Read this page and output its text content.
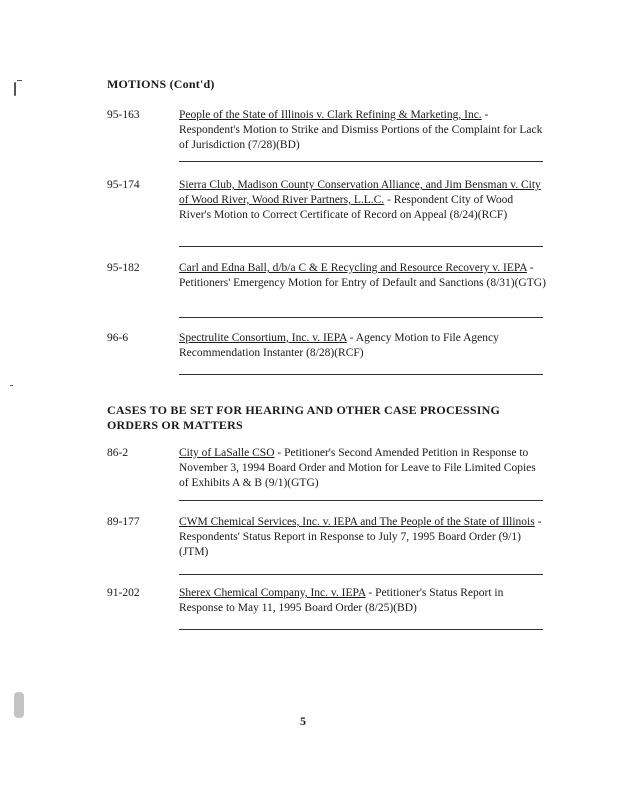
MOTIONS (Cont'd)
95-163	People of the State of Illinois v. Clark Refining & Marketing, Inc. - Respondent's Motion to Strike and Dismiss Portions of the Complaint for Lack of Jurisdiction (7/28)(BD)
95-174	Sierra Club, Madison County Conservation Alliance, and Jim Bensman v. City of Wood River, Wood River Partners, L.L.C. - Respondent City of Wood River's Motion to Correct Certificate of Record on Appeal (8/24)(RCF)
95-182	Carl and Edna Ball, d/b/a C & E Recycling and Resource Recovery v. IEPA - Petitioners' Emergency Motion for Entry of Default and Sanctions (8/31)(GTG)
96-6	Spectrulite Consortium, Inc. v. IEPA - Agency Motion to File Agency Recommendation Instanter (8/28)(RCF)
CASES TO BE SET FOR HEARING AND OTHER CASE PROCESSING ORDERS OR MATTERS
86-2	City of LaSalle CSO - Petitioner's Second Amended Petition in Response to November 3, 1994 Board Order and Motion for Leave to File Limited Copies of Exhibits A & B (9/1)(GTG)
89-177	CWM Chemical Services, Inc. v. IEPA and The People of the State of Illinois - Respondents' Status Report in Response to July 7, 1995 Board Order (9/1)(JTM)
91-202	Sherex Chemical Company, Inc. v. IEPA - Petitioner's Status Report in Response to May 11, 1995 Board Order (8/25)(BD)
5
